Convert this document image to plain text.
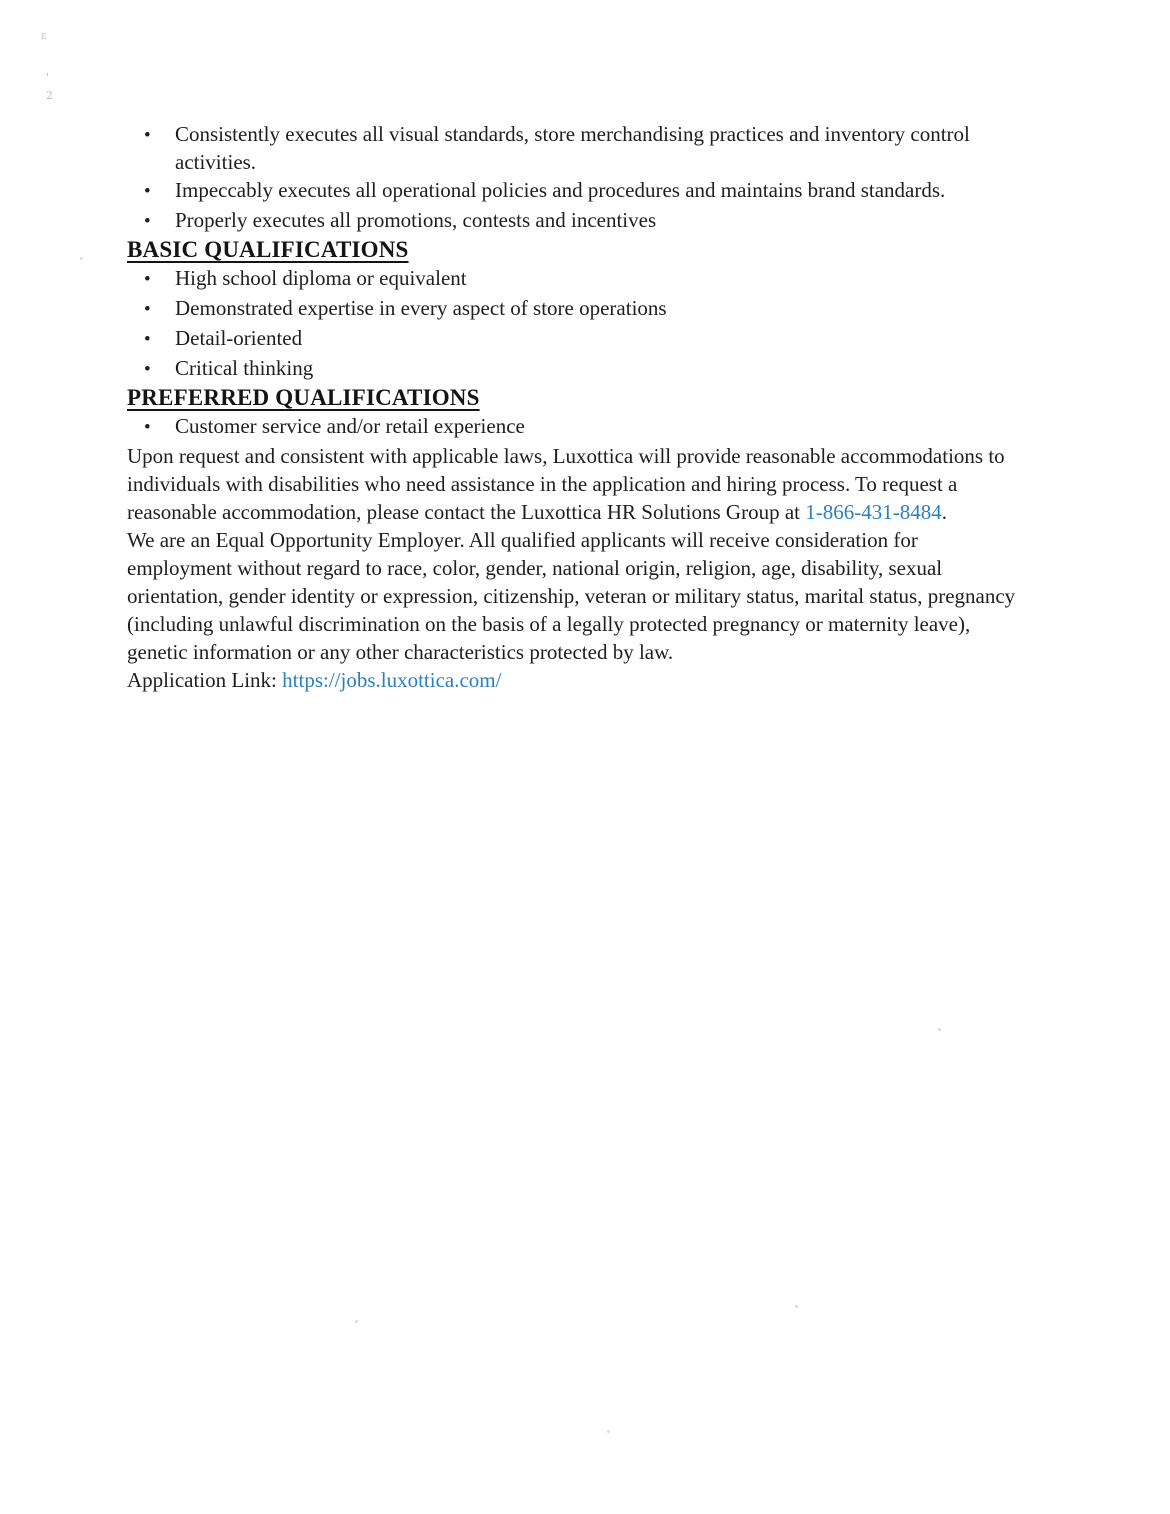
ε
'
2
•
Consistently executes all visual standards, store merchandising practices and inventory control activities.
•
Impeccably executes all operational policies and procedures and maintains brand standards.
•
Properly executes all promotions, contests and incentives
BASIC QUALIFICATIONS
•
High school diploma or equivalent
•
Demonstrated expertise in every aspect of store operations
•
Detail-oriented
•
Critical thinking
PREFERRED QUALIFICATIONS
•
Customer service and/or retail experience

Upon request and consistent with applicable laws, Luxottica will provide reasonable accommodations to individuals with disabilities who need assistance in the application and hiring process. To request a reasonable accommodation, please contact the Luxottica HR Solutions Group at 1-866-431-8484.

We are an Equal Opportunity Employer. All qualified applicants will receive consideration for employment without regard to race, color, gender, national origin, religion, age, disability, sexual orientation, gender identity or expression, citizenship, veteran or military status, marital status, pregnancy (including unlawful discrimination on the basis of a legally protected pregnancy or maternity leave), genetic information or any other characteristics protected by law.

Application Link: https://jobs.luxottica.com/
